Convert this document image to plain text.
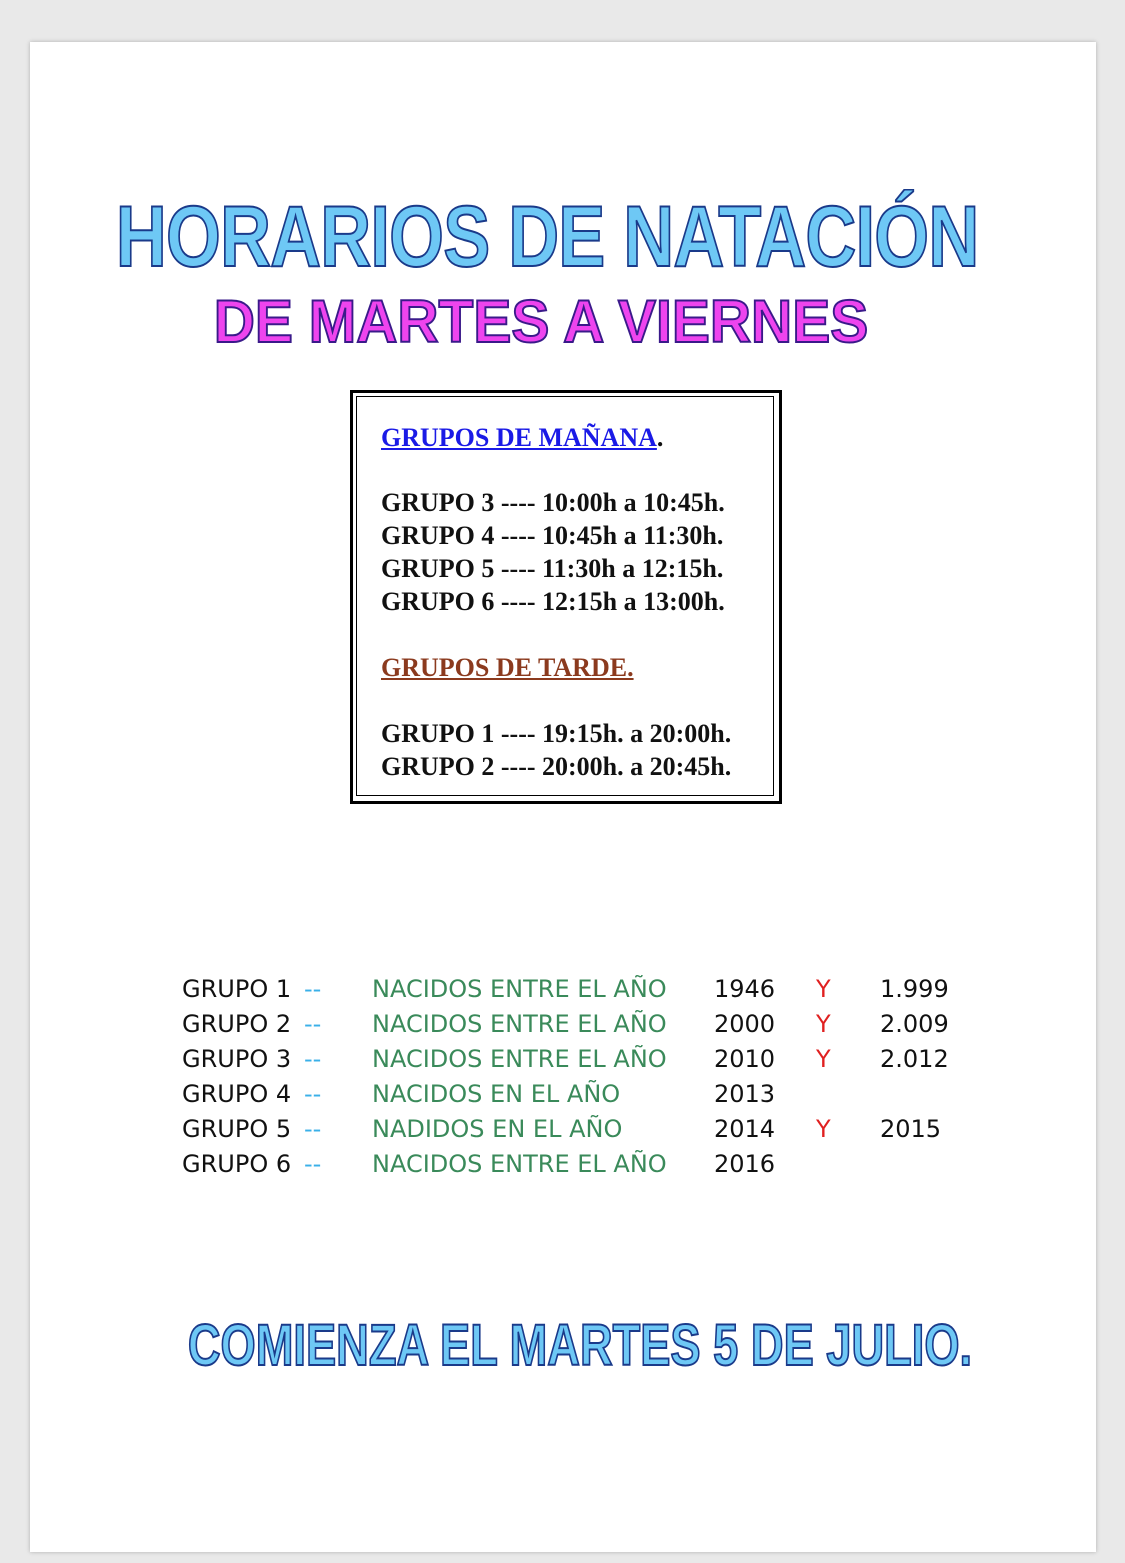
HORARIOS DE NATACIÓN
DE MARTES A VIERNES
GRUPOS DE MAÑANA.
GRUPO 3 ---- 10:00h a 10:45h.
GRUPO 4 ---- 10:45h a 11:30h.
GRUPO 5 ---- 11:30h a 12:15h.
GRUPO 6 ---- 12:15h a 13:00h.
GRUPOS DE TARDE.
GRUPO 1 ---- 19:15h. a 20:00h.
GRUPO 2 ---- 20:00h. a 20:45h.
GRUPO 1 -- NACIDOS ENTRE EL AÑO 1946 Y 1.999
GRUPO 2 -- NACIDOS ENTRE EL AÑO 2000 Y 2.009
GRUPO 3 -- NACIDOS ENTRE EL AÑO 2010 Y 2.012
GRUPO 4 -- NACIDOS EN EL AÑO	2013
GRUPO 5 -- NADIDOS EN EL AÑO	2014 Y 2015
GRUPO 6 -- NACIDOS ENTRE EL AÑO 2016
COMIENZA EL MARTES 5 DE JULIO.
